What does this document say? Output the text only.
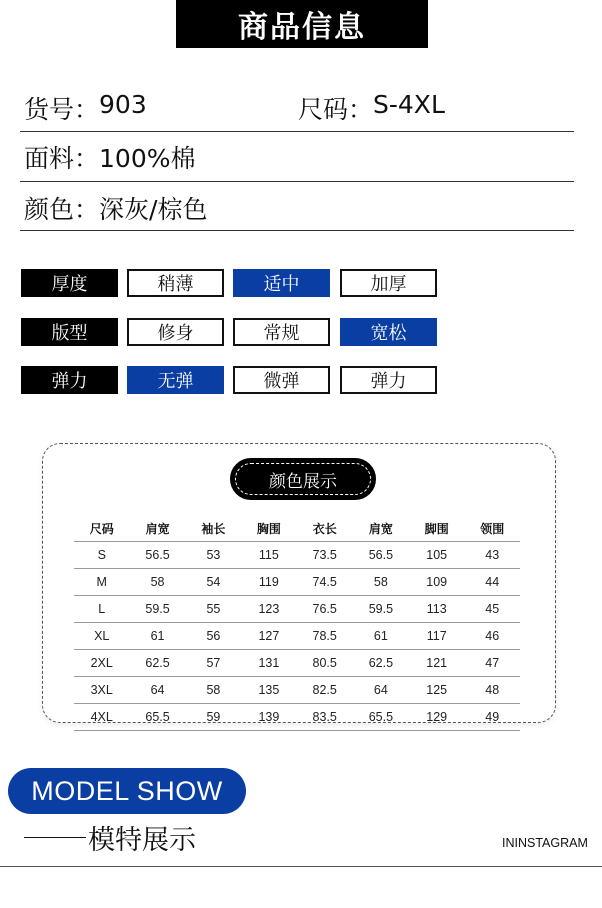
商品信息
货号： 903	尺码： S-4XL
面料： 100%棉
颜色： 深灰/棕色
厚度	稍薄	适中	加厚
版型	修身	常规	宽松
弹力	无弹	微弹	弹力
颜色展示
尺码	肩宽	袖长	胸围	衣长	肩宽	脚围	领围
S	56.5	53	115	73.5	56.5	105	43
M	58	54	119	74.5	58	109	44
L	59.5	55	123	76.5	59.5	113	45
XL	61	56	127	78.5	61	117	46
2XL	62.5	57	131	80.5	62.5	121	47
3XL	64	58	135	82.5	64	125	48
4XL	65.5	59	139	83.5	65.5	129	49
MODEL SHOW
模特展示	ININSTAGRAM
